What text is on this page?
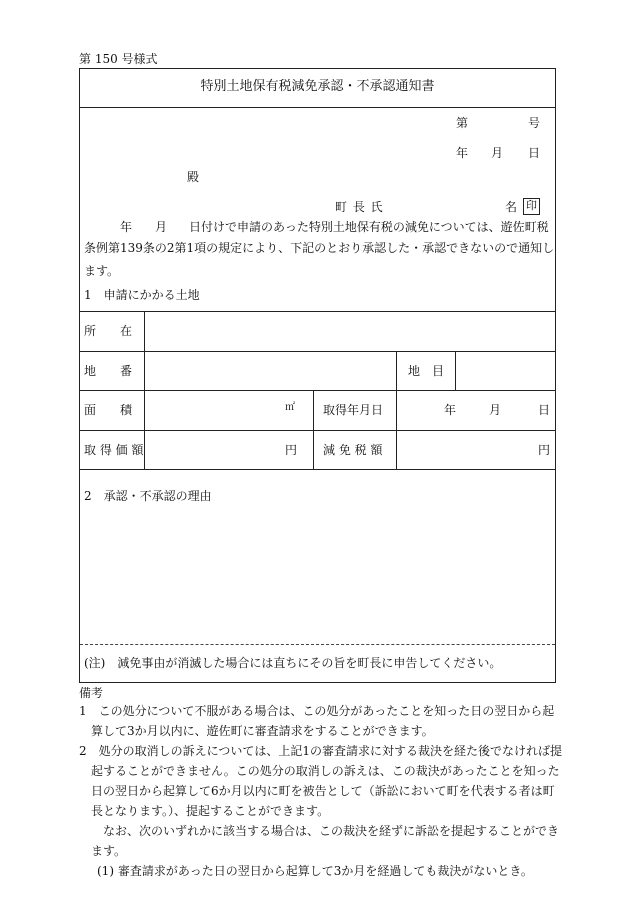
第 150 号様式
特別土地保有税減免承認・不承認通知書
第	号
年 月 日
殿
町 長 氏	名 印
年 月 日付けで申請のあった特別土地保有税の減免については、遊佐町税
条例第139条の2第1項の規定により、下記のとおり承認した・承認できないので通知し
ます。
1　申請にかかる土地
所　　在
地　　番	地　目
面　　積	㎡ 取得年月日	年	月	日
取 得 価 額	円 減 免 税 額	円
2　承認・不承認の理由
(注)　減免事由が消滅した場合には直ちにその旨を町長に申告してください。
備考
1　この処分について不服がある場合は、この処分があったことを知った日の翌日から起
算して3か月以内に、遊佐町に審査請求をすることができます。
2　処分の取消しの訴えについては、上記1の審査請求に対する裁決を経た後でなければ提
起することができません。この処分の取消しの訴えは、この裁決があったことを知った
日の翌日から起算して6か月以内に町を被告として（訴訟において町を代表する者は町
長となります。）、提起することができます。
なお、次のいずれかに該当する場合は、この裁決を経ずに訴訟を提起することができ
ます。
(1) 審査請求があった日の翌日から起算して3か月を経過しても裁決がないとき。
